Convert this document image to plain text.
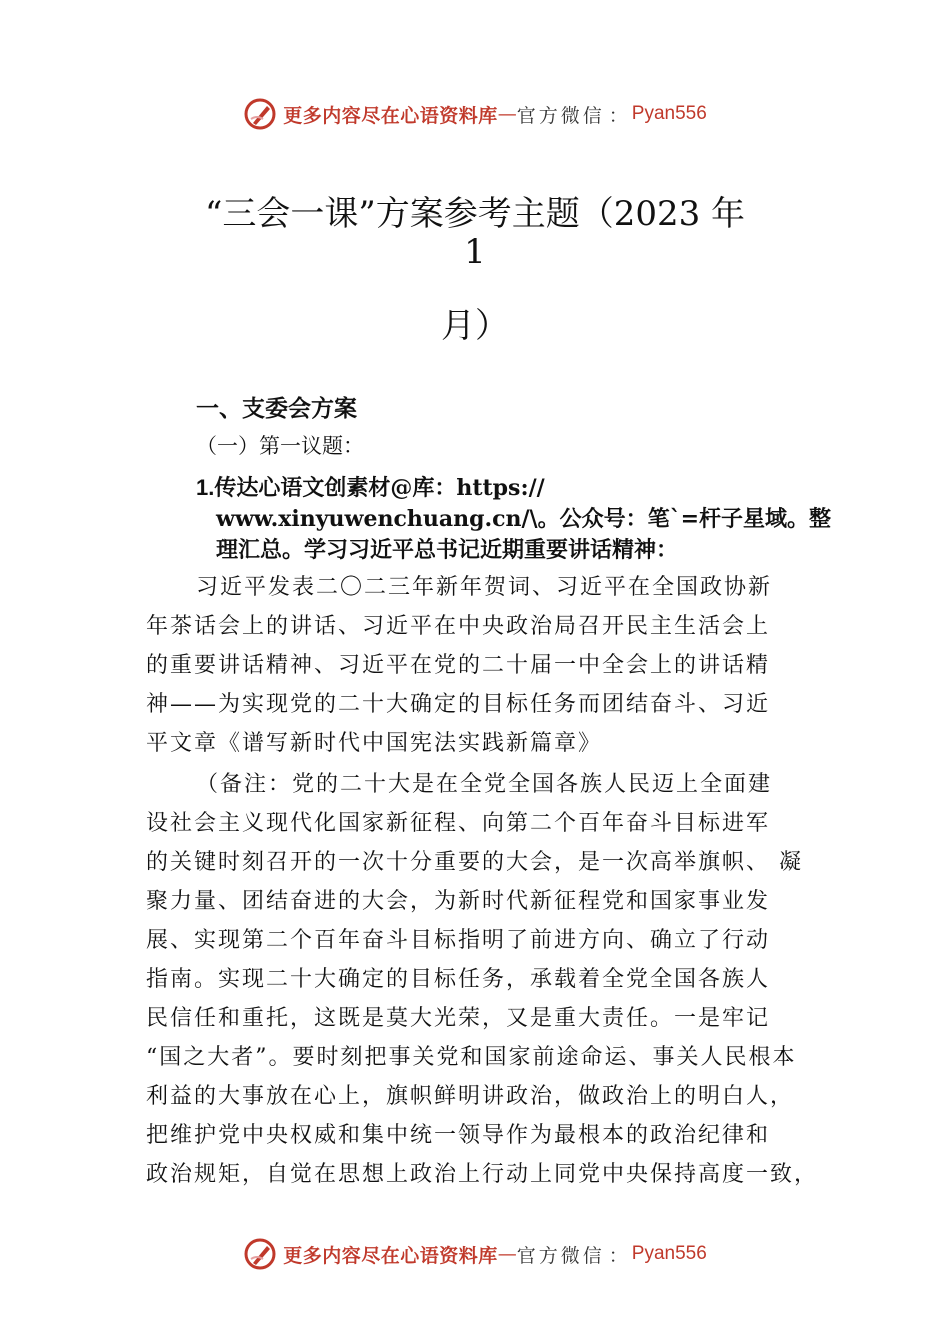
更多内容尽在心语资料库 — 官方微信 ： Pyan556
“三会一课”方案参考主题（2023 年
1
月）
一、支委会方案
（一）第一议题：
1.传达心语文创素材@库：https://
www.xinyuwenchuang.cn/\。公众号：笔`=杆子星域。整
理汇总。学习习近平总书记近期重要讲话精神：

习近平发表二〇二三年新年贺词、习近平在全国政协新

年茶话会上的讲话、习近平在中央政治局召开民主生活会上

的重要讲话精神、习近平在党的二十届一中全会上的讲话精

神——为实现党的二十大确定的目标任务而团结奋斗、习近

平文章《谱写新时代中国宪法实践新篇章》

（备注：党的二十大是在全党全国各族人民迈上全面建

设社会主义现代化国家新征程、向第二个百年奋斗目标进军

的关键时刻召开的一次十分重要的大会，是一次高举旗帜、 凝

聚力量、团结奋进的大会，为新时代新征程党和国家事业发

展、实现第二个百年奋斗目标指明了前进方向、确立了行动

指南。实现二十大确定的目标任务，承载着全党全国各族人

民信任和重托，这既是莫大光荣，又是重大责任。一是牢记

“国之大者”。要时刻把事关党和国家前途命运、事关人民根本

利益的大事放在心上，旗帜鲜明讲政治，做政治上的明白人，

把维护党中央权威和集中统一领导作为最根本的政治纪律和

政治规矩，自觉在思想上政治上行动上同党中央保持高度一致，

更多内容尽在心语资料库 — 官方微信 ： Pyan556
